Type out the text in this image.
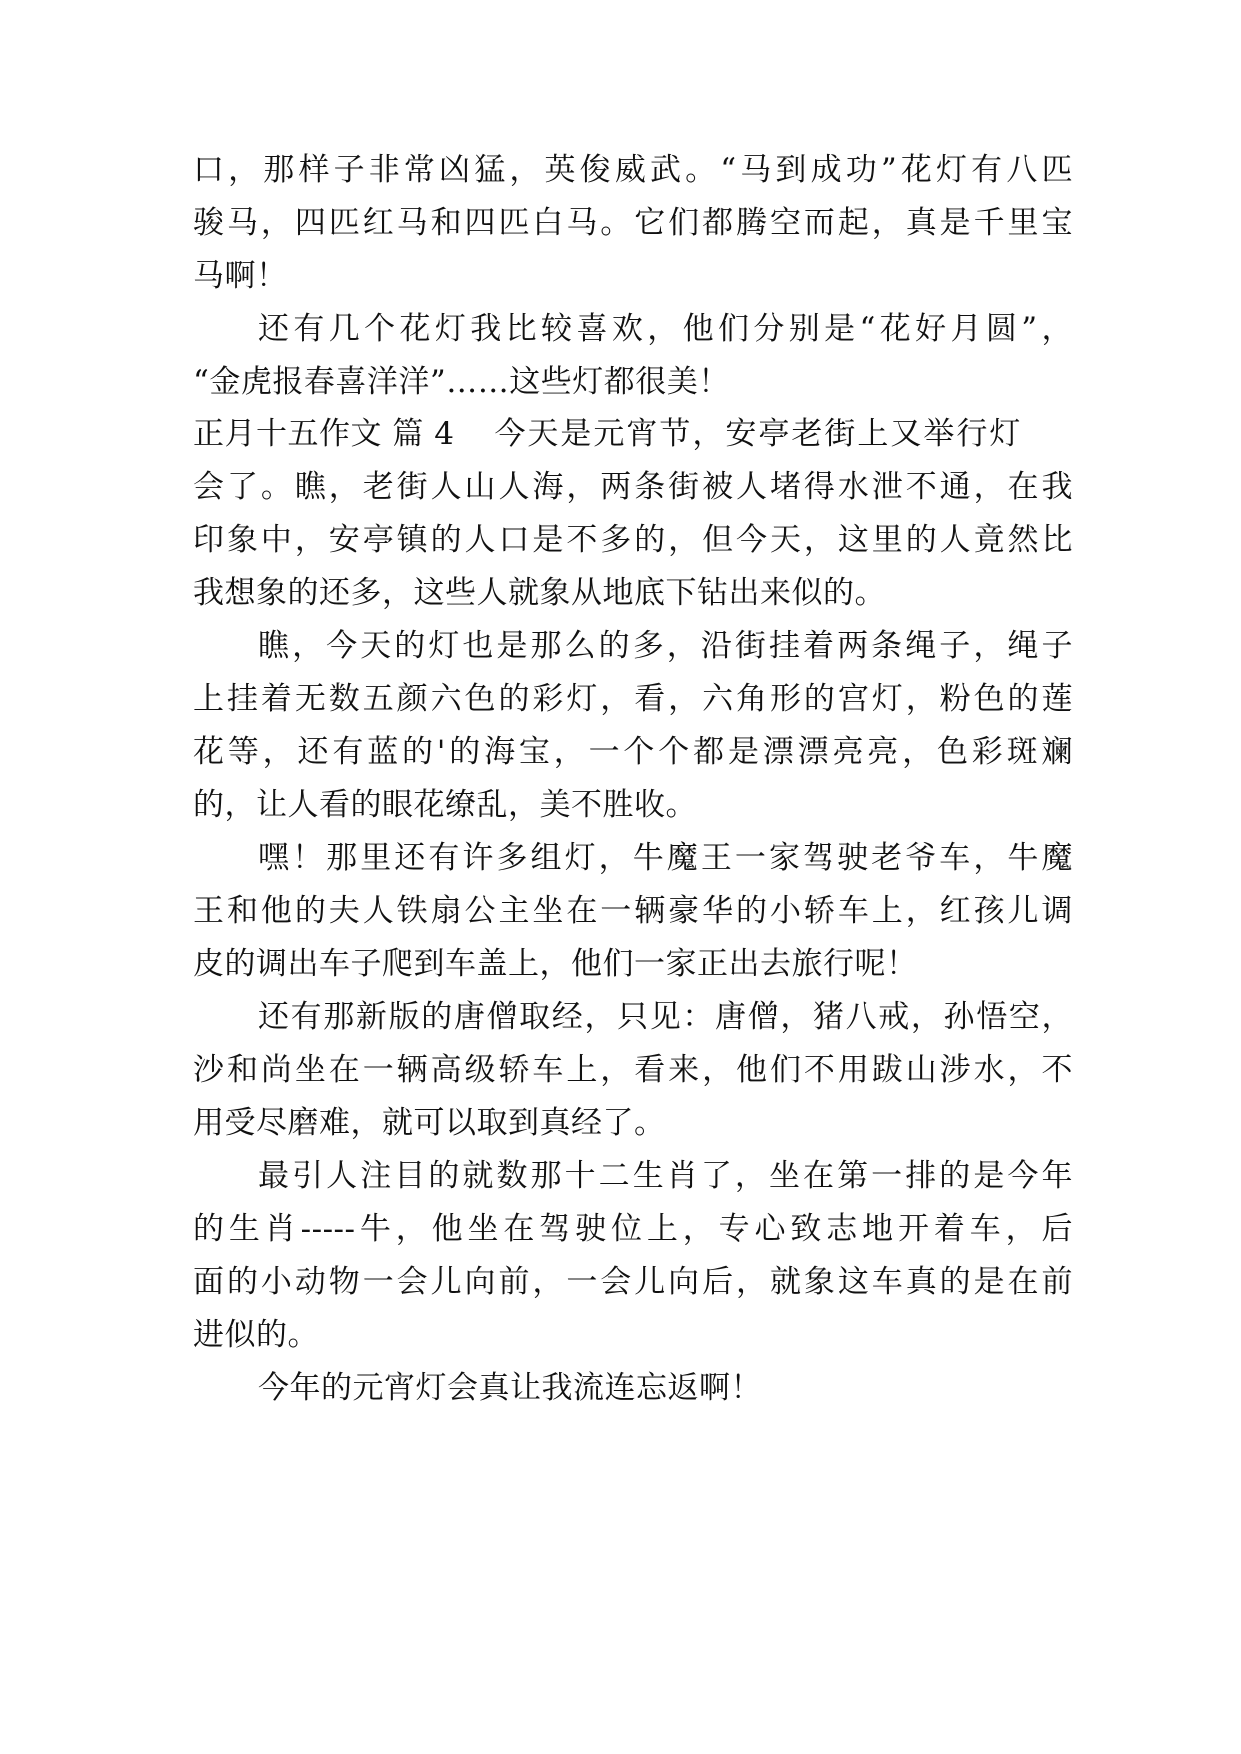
口，那样子非常凶猛，英俊威武。“马到成功”花灯有八匹
骏马，四匹红马和四匹白马。它们都腾空而起，真是千里宝
马啊！
还有几个花灯我比较喜欢，他们分别是“花好月圆”，
“金虎报春喜洋洋”……这些灯都很美！
正月十五作文 篇 4 今天是元宵节，安亭老街上又举行灯
会了。瞧，老街人山人海，两条街被人堵得水泄不通，在我
印象中，安亭镇的人口是不多的，但今天，这里的人竟然比
我想象的还多，这些人就象从地底下钻出来似的。
瞧，今天的灯也是那么的多，沿街挂着两条绳子，绳子
上挂着无数五颜六色的彩灯，看，六角形的宫灯，粉色的莲
花等，还有蓝的'的海宝，一个个都是漂漂亮亮，色彩斑斓
的，让人看的眼花缭乱，美不胜收。
嘿！那里还有许多组灯，牛魔王一家驾驶老爷车，牛魔
王和他的夫人铁扇公主坐在一辆豪华的小轿车上，红孩儿调
皮的调出车子爬到车盖上，他们一家正出去旅行呢！
还有那新版的唐僧取经，只见：唐僧，猪八戒，孙悟空，
沙和尚坐在一辆高级轿车上，看来，他们不用跋山涉水，不
用受尽磨难，就可以取到真经了。
最引人注目的就数那十二生肖了，坐在第一排的是今年
的生肖-----牛，他坐在驾驶位上，专心致志地开着车，后
面的小动物一会儿向前，一会儿向后，就象这车真的是在前
进似的。
今年的元宵灯会真让我流连忘返啊！
